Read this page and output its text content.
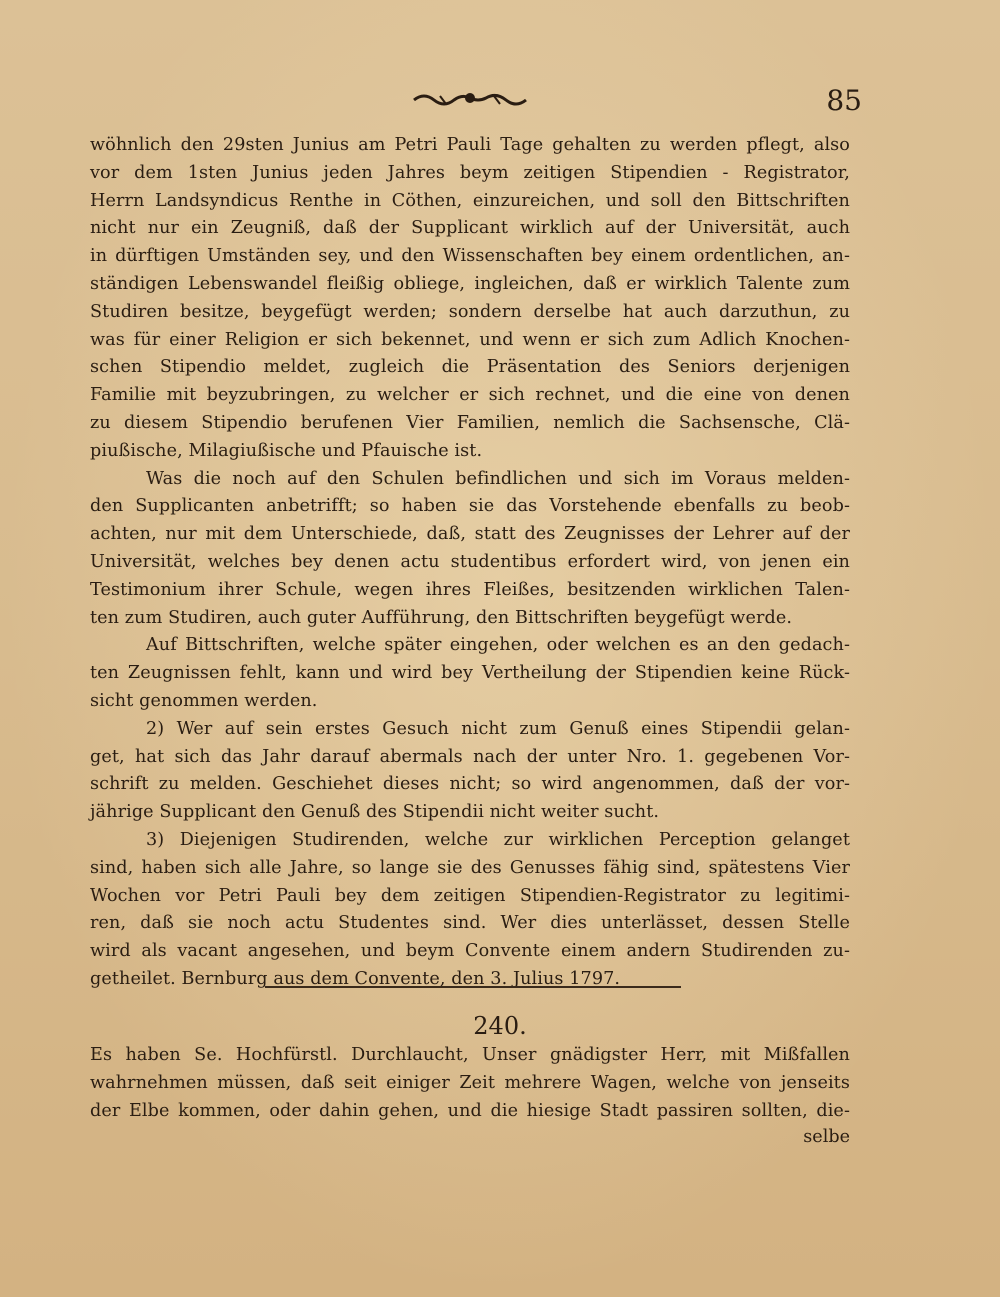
85
wöhnlich den 29sten Junius am Petri Pauli Tage gehalten zu werden pflegt, also
vor dem 1sten Junius jeden Jahres beym zeitigen Stipendien - Registrator,
Herrn Landsyndicus Renthe in Cöthen, einzureichen, und soll den Bittschriften
nicht nur ein Zeugniß, daß der Supplicant wirklich auf der Universität, auch
in dürftigen Umständen sey, und den Wissenschaften bey einem ordentlichen, an-
ständigen Lebenswandel fleißig obliege, ingleichen, daß er wirklich Talente zum
Studiren besitze, beygefügt werden; sondern derselbe hat auch darzuthun, zu
was für einer Religion er sich bekennet, und wenn er sich zum Adlich Knochen-
schen Stipendio meldet, zugleich die Präsentation des Seniors derjenigen
Familie mit beyzubringen, zu welcher er sich rechnet, und die eine von denen
zu diesem Stipendio berufenen Vier Familien, nemlich die Sachsensche, Clä-
piußische, Milagiußische und Pfauische ist.
Was die noch auf den Schulen befindlichen und sich im Voraus melden-
den Supplicanten anbetrifft; so haben sie das Vorstehende ebenfalls zu beob-
achten, nur mit dem Unterschiede, daß, statt des Zeugnisses der Lehrer auf der
Universität, welches bey denen actu studentibus erfordert wird, von jenen ein
Testimonium ihrer Schule, wegen ihres Fleißes, besitzenden wirklichen Talen-
ten zum Studiren, auch guter Aufführung, den Bittschriften beygefügt werde.
Auf Bittschriften, welche später eingehen, oder welchen es an den gedach-
ten Zeugnissen fehlt, kann und wird bey Vertheilung der Stipendien keine Rück-
sicht genommen werden.
2) Wer auf sein erstes Gesuch nicht zum Genuß eines Stipendii gelan-
get, hat sich das Jahr darauf abermals nach der unter Nro. 1. gegebenen Vor-
schrift zu melden. Geschiehet dieses nicht; so wird angenommen, daß der vor-
jährige Supplicant den Genuß des Stipendii nicht weiter sucht.
3) Diejenigen Studirenden, welche zur wirklichen Perception gelanget
sind, haben sich alle Jahre, so lange sie des Genusses fähig sind, spätestens Vier
Wochen vor Petri Pauli bey dem zeitigen Stipendien-Registrator zu legitimi-
ren, daß sie noch actu Studentes sind. Wer dies unterlässet, dessen Stelle
wird als vacant angesehen, und beym Convente einem andern Studirenden zu-
getheilet. Bernburg aus dem Convente, den 3. Julius 1797.
240.
Es haben Se. Hochfürstl. Durchlaucht, Unser gnädigster Herr, mit Mißfallen
wahrnehmen müssen, daß seit einiger Zeit mehrere Wagen, welche von jenseits
der Elbe kommen, oder dahin gehen, und die hiesige Stadt passiren sollten, die-
selbe
